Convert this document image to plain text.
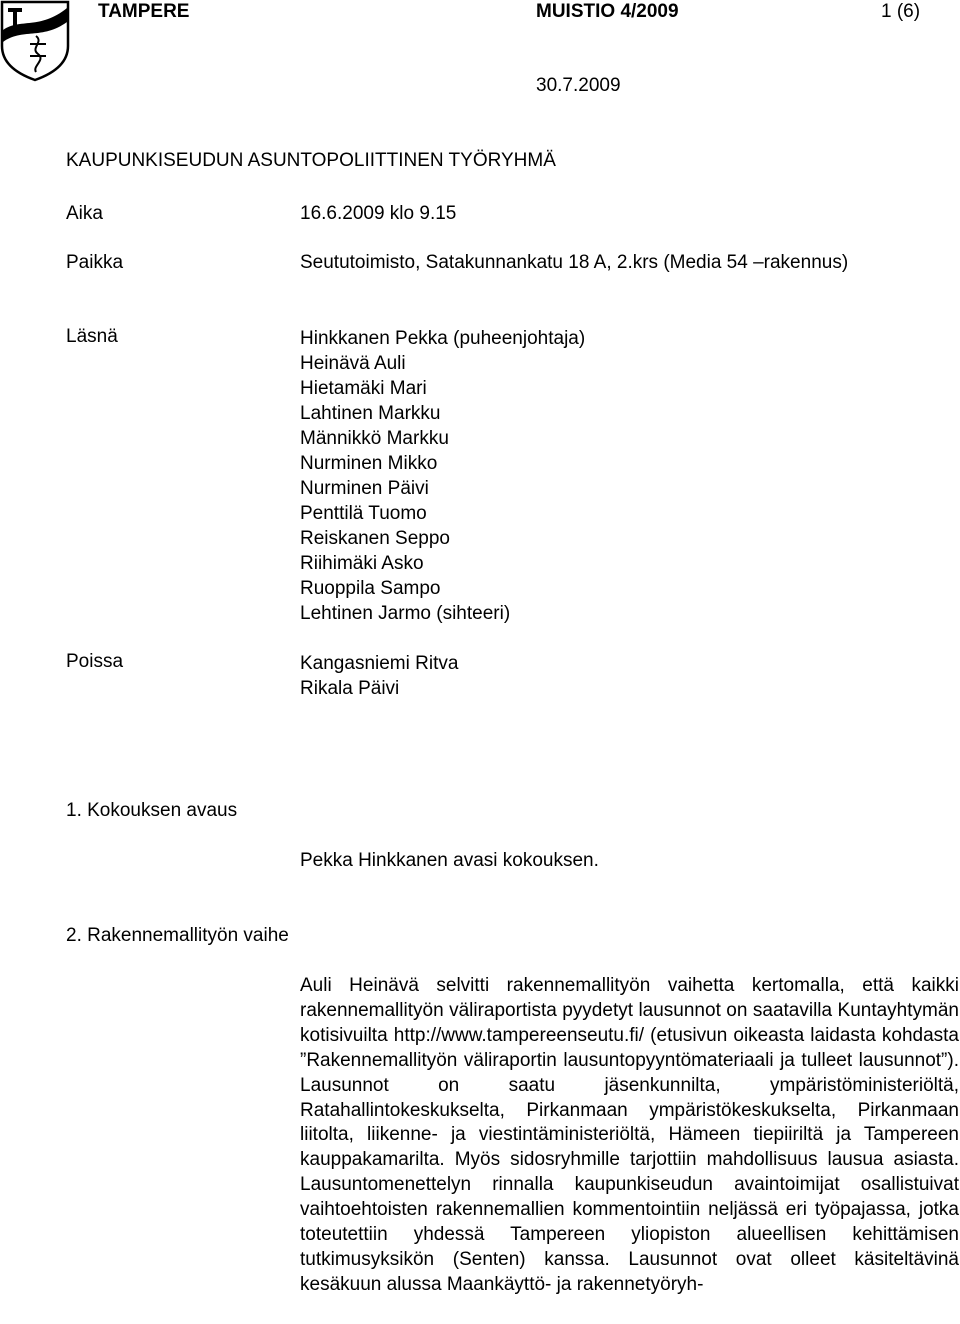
TAMPERE	MUISTIO 4/2009	1 (6)
30.7.2009
KAUPUNKISEUDUN ASUNTOPOLIITTINEN TYÖRYHMÄ
Aika	16.6.2009 klo 9.15
Paikka	Seututoimisto, Satakunnankatu 18 A, 2.krs (Media 54 –rakennus)
Läsnä	Hinkkanen Pekka (puheenjohtaja)
Heinävä Auli
Hietamäki Mari
Lahtinen Markku
Männikkö Markku
Nurminen Mikko
Nurminen Päivi
Penttilä Tuomo
Reiskanen Seppo
Riihimäki Asko
Ruoppila Sampo
Lehtinen Jarmo (sihteeri)
Poissa	Kangasniemi Ritva
Rikala Päivi
1. Kokouksen avaus
Pekka Hinkkanen avasi kokouksen.
2. Rakennemallityön vaihe

Auli Heinävä selvitti rakennemallityön vaihetta kertomalla, että kaikki rakennemallityön väliraportista pyydetyt lausunnot on saatavilla Kuntayhtymän kotisivuilta http://www.tampereenseutu.fi/ (etusivun oikeasta laidasta kohdasta ”Rakennemallityön väliraportin lausuntopyyntömateriaali ja tulleet lausunnot”). Lausunnot on saatu jäsenkunnilta, ympäristöministeriöltä, Ratahallintokeskukselta, Pirkanmaan ympäristökeskukselta, Pirkanmaan liitolta, liikenne- ja viestintäministeriöltä, Hämeen tiepiiriltä ja Tampereen kauppakamarilta. Myös sidosryhmille tarjottiin mahdollisuus lausua asiasta. Lausuntomenettelyn rinnalla kaupunkiseudun avaintoimijat osallistuivat vaihtoehtoisten rakennemallien kommentointiin neljässä eri työpajassa, jotka toteutettiin yhdessä Tampereen yliopiston alueellisen kehittämisen tutkimusyksikön (Senten) kanssa. Lausunnot ovat olleet käsiteltävinä kesäkuun alussa Maankäyttö- ja rakennetyöryh-
